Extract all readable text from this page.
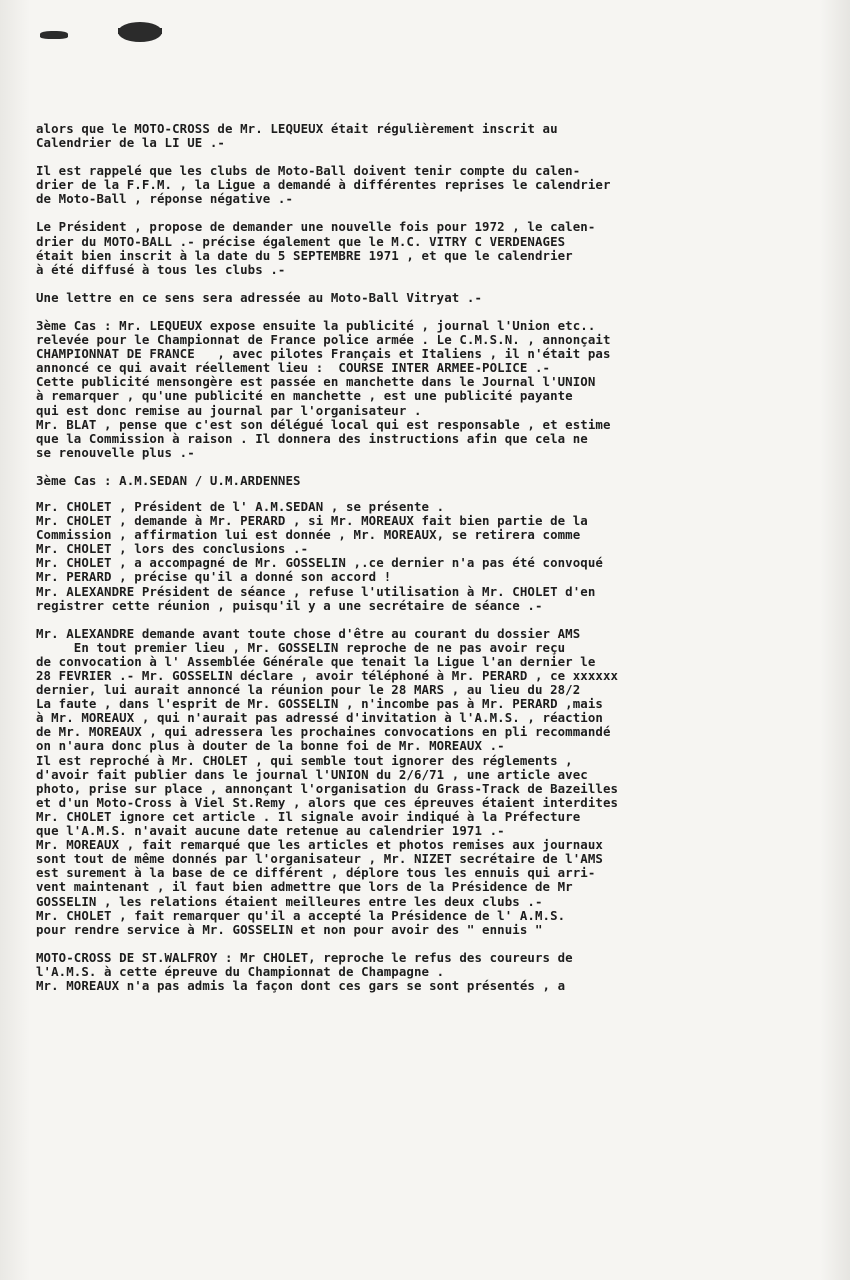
alors que le MOTO-CROSS de Mr. LEQUEUX était régulièrement inscrit au
Calendrier de la LI UE .-
Il est rappelé que les clubs de Moto-Ball doivent tenir compte du calen-
drier de la F.F.M. , la Ligue a demandé à différentes reprises le calendrier
de Moto-Ball , réponse négative .-
Le Président , propose de demander une nouvelle fois pour 1972 , le calen-
drier du MOTO-BALL .- précise également que le M.C. VITRY C VERDENAGES
était bien inscrit à la date du 5 SEPTEMBRE 1971 , et que le calendrier
à été diffusé à tous les clubs .-
Une lettre en ce sens sera adressée au Moto-Ball Vitryat .-
3ème Cas : Mr. LEQUEUX expose ensuite la publicité , journal l'Union etc..
relevée pour le Championnat de France police armée . Le C.M.S.N. , annonçait
CHAMPIONNAT DE FRANCE   , avec pilotes Français et Italiens , il n'était pas
annoncé ce qui avait réellement lieu :  COURSE INTER ARMEE-POLICE .-
Cette publicité mensongère est passée en manchette dans le Journal l'UNION
à remarquer , qu'une publicité en manchette , est une publicité payante
qui est donc remise au journal par l'organisateur .
Mr. BLAT , pense que c'est son délégué local qui est responsable , et estime
que la Commission à raison . Il donnera des instructions afin que cela ne
se renouvelle plus .-
3ème Cas : A.M.SEDAN / U.M.ARDENNES
Mr. CHOLET , Président de l' A.M.SEDAN , se présente .
Mr. CHOLET , demande à Mr. PERARD , si Mr. MOREAUX fait bien partie de la
Commission , affirmation lui est donnée , Mr. MOREAUX, se retirera comme
Mr. CHOLET , lors des conclusions .-
Mr. CHOLET , a accompagné de Mr. GOSSELIN ,.ce dernier n'a pas été convoqué
Mr. PERARD , précise qu'il a donné son accord !
Mr. ALEXANDRE Président de séance , refuse l'utilisation à Mr. CHOLET d'en
registrer cette réunion , puisqu'il y a une secrétaire de séance .-
Mr. ALEXANDRE demande avant toute chose d'être au courant du dossier AMS
En tout premier lieu , Mr. GOSSELIN reproche de ne pas avoir reçu
de convocation à l' Assemblée Générale que tenait la Ligue l'an dernier le
28 FEVRIER .- Mr. GOSSELIN déclare , avoir téléphoné à Mr. PERARD , ce xxxxxx
dernier, lui aurait annoncé la réunion pour le 28 MARS , au lieu du 28/2
La faute , dans l'esprit de Mr. GOSSELIN , n'incombe pas à Mr. PERARD ,mais
à Mr. MOREAUX , qui n'aurait pas adressé d'invitation à l'A.M.S. , réaction
de Mr. MOREAUX , qui adressera les prochaines convocations en pli recommandé
on n'aura donc plus à douter de la bonne foi de Mr. MOREAUX .-
Il est reproché à Mr. CHOLET , qui semble tout ignorer des réglements ,
d'avoir fait publier dans le journal l'UNION du 2/6/71 , une article avec
photo, prise sur place , annonçant l'organisation du Grass-Track de Bazeilles
et d'un Moto-Cross à Viel St.Remy , alors que ces épreuves étaient interdites
Mr. CHOLET ignore cet article . Il signale avoir indiqué à la Préfecture
que l'A.M.S. n'avait aucune date retenue au calendrier 1971 .-
Mr. MOREAUX , fait remarqué que les articles et photos remises aux journaux
sont tout de même donnés par l'organisateur , Mr. NIZET secrétaire de l'AMS
est surement à la base de ce différent , déplore tous les ennuis qui arri-
vent maintenant , il faut bien admettre que lors de la Présidence de Mr
GOSSELIN , les relations étaient meilleures entre les deux clubs .-
Mr. CHOLET , fait remarquer qu'il a accepté la Présidence de l' A.M.S.
pour rendre service à Mr. GOSSELIN et non pour avoir des " ennuis "
MOTO-CROSS DE ST.WALFROY : Mr CHOLET, reproche le refus des coureurs de
l'A.M.S. à cette épreuve du Championnat de Champagne .
Mr. MOREAUX n'a pas admis la façon dont ces gars se sont présentés , a
